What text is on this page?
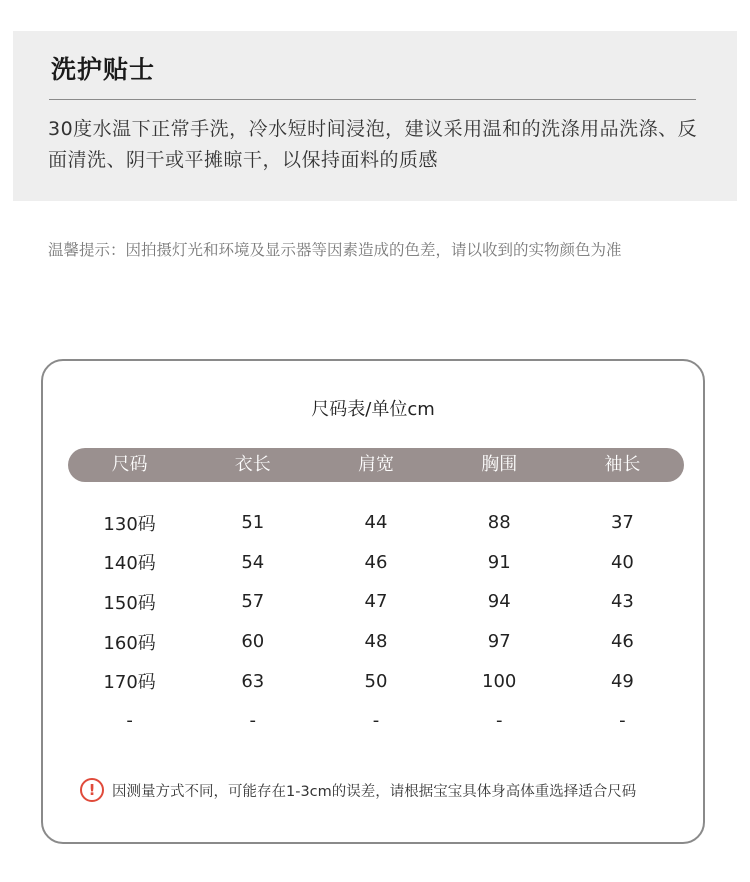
洗护贴士
30度水温下正常手洗，冷水短时间浸泡，建议采用温和的洗涤用品洗涤、反面清洗、阴干或平摊晾干，以保持面料的质感
温馨提示：因拍摄灯光和环境及显示器等因素造成的色差，请以收到的实物颜色为准
尺码表/单位cm
尺码	衣长	肩宽	胸围	袖长
130码	51	44	88	37
140码	54	46	91	40
150码	57	47	94	43
160码	60	48	97	46
170码	63	50	100	49
-	-	-	-	-
!	因测量方式不同，可能存在1-3cm的误差，请根据宝宝具体身高体重选择适合尺码
